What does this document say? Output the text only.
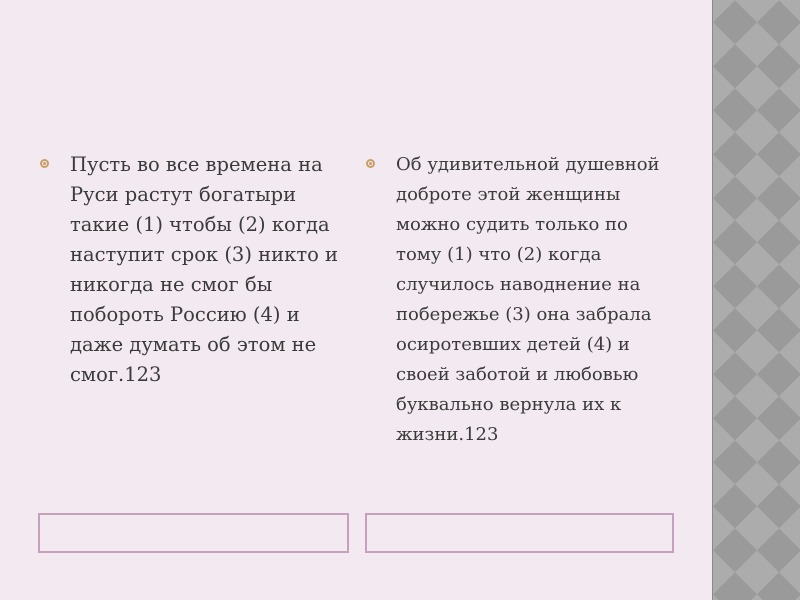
Пусть во все времена на Руси растут богатыри такие (1) чтобы (2) когда наступит срок (3) никто и никогда не смог бы побороть Россию (4) и даже думать об этом не смог.123
Об удивительной душевной доброте этой женщины можно судить только по тому (1) что (2) когда случилось наводнение на побережье (3) она забрала осиротевших детей (4) и своей заботой и любовью буквально вернула их к жизни.123
